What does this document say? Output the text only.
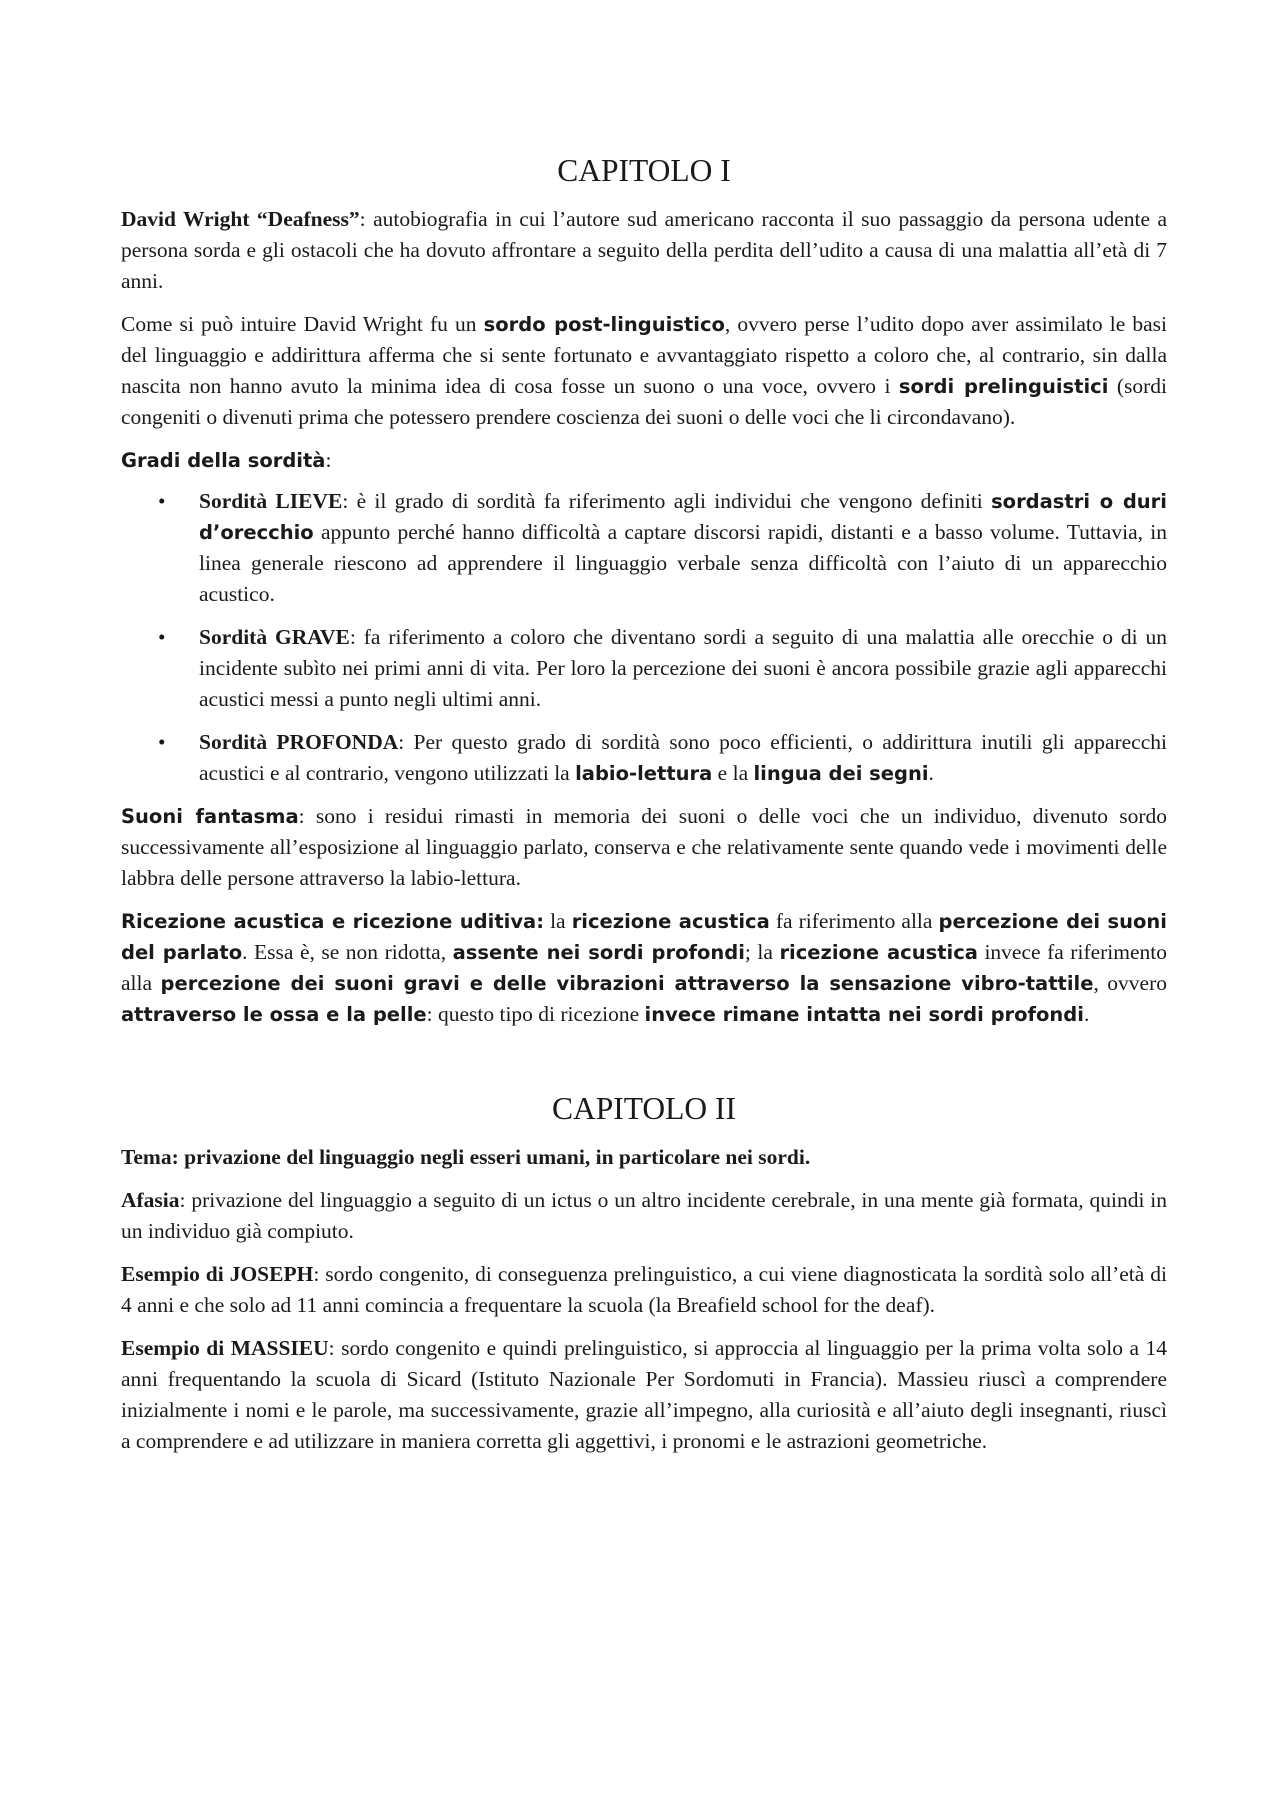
CAPITOLO I

David Wright “Deafness”: autobiografia in cui l’autore sud americano racconta il suo passaggio da persona udente a persona sorda e gli ostacoli che ha dovuto affrontare a seguito della perdita dell’udito a causa di una malattia all’età di 7 anni.

Come si può intuire David Wright fu un sordo post-linguistico, ovvero perse l’udito dopo aver assimilato le basi del linguaggio e addirittura afferma che si sente fortunato e avvantaggiato rispetto a coloro che, al contrario, sin dalla nascita non hanno avuto la minima idea di cosa fosse un suono o una voce, ovvero i sordi prelinguistici (sordi congeniti o divenuti prima che potessero prendere coscienza dei suoni o delle voci che li circondavano).

Gradi della sordità:

• Sordità LIEVE: è il grado di sordità fa riferimento agli individui che vengono definiti sordastri o duri d’orecchio appunto perché hanno difficoltà a captare discorsi rapidi, distanti e a basso volume. Tuttavia, in linea generale riescono ad apprendere il linguaggio verbale senza difficoltà con l’aiuto di un apparecchio acustico.
• Sordità GRAVE: fa riferimento a coloro che diventano sordi a seguito di una malattia alle orecchie o di un incidente subìto nei primi anni di vita. Per loro la percezione dei suoni è ancora possibile grazie agli apparecchi acustici messi a punto negli ultimi anni.
• Sordità PROFONDA: Per questo grado di sordità sono poco efficienti, o addirittura inutili gli apparecchi acustici e al contrario, vengono utilizzati la labio-lettura e la lingua dei segni.

Suoni fantasma: sono i residui rimasti in memoria dei suoni o delle voci che un individuo, divenuto sordo successivamente all’esposizione al linguaggio parlato, conserva e che relativamente sente quando vede i movimenti delle labbra delle persone attraverso la labio-lettura.

Ricezione acustica e ricezione uditiva: la ricezione acustica fa riferimento alla percezione dei suoni del parlato. Essa è, se non ridotta, assente nei sordi profondi; la ricezione acustica invece fa riferimento alla percezione dei suoni gravi e delle vibrazioni attraverso la sensazione vibro-tattile, ovvero attraverso le ossa e la pelle: questo tipo di ricezione invece rimane intatta nei sordi profondi.

CAPITOLO II

Tema: privazione del linguaggio negli esseri umani, in particolare nei sordi.

Afasia: privazione del linguaggio a seguito di un ictus o un altro incidente cerebrale, in una mente già formata, quindi in un individuo già compiuto.

Esempio di JOSEPH: sordo congenito, di conseguenza prelinguistico, a cui viene diagnosticata la sordità solo all’età di 4 anni e che solo ad 11 anni comincia a frequentare la scuola (la Breafield school for the deaf).

Esempio di MASSIEU: sordo congenito e quindi prelinguistico, si approccia al linguaggio per la prima volta solo a 14 anni frequentando la scuola di Sicard (Istituto Nazionale Per Sordomuti in Francia). Massieu riuscì a comprendere inizialmente i nomi e le parole, ma successivamente, grazie all’impegno, alla curiosità e all’aiuto degli insegnanti, riuscì a comprendere e ad utilizzare in maniera corretta gli aggettivi, i pronomi e le astrazioni geometriche.
